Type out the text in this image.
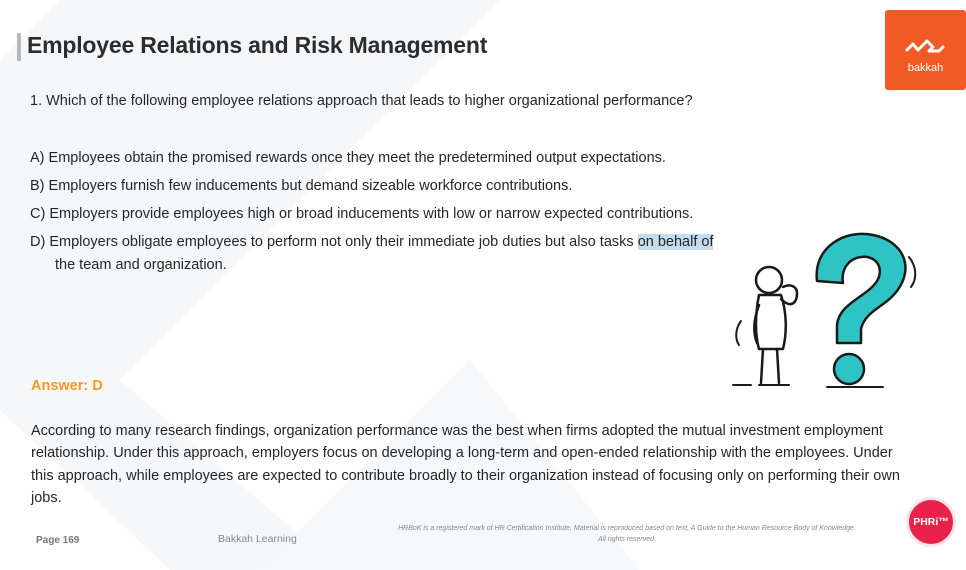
Employee Relations and Risk Management
bakkah
1. Which of the following employee relations approach that leads to higher organizational performance?
A) Employees obtain the promised rewards once they meet the predetermined output expectations.
B) Employers furnish few inducements but demand sizeable workforce contributions.
C) Employers provide employees high or broad inducements with low or narrow expected contributions.
D) Employers obligate employees to perform not only their immediate job duties but also tasks on behalf of
the team and organization.
Answer: D
According to many research findings, organization performance was the best when firms adopted the mutual investment employment relationship. Under this approach, employers focus on developing a long-term and open-ended relationship with the employees. Under this approach, while employees are expected to contribute broadly to their organization instead of focusing only on performing their own jobs.
Page 169	Bakkah Learning
HRBoK is a registered mark of HR Certification Institute, Material is reproduced based on text, A Guide to the Human Resource Body of Knowledge. All rights reserved.
PHRi™
